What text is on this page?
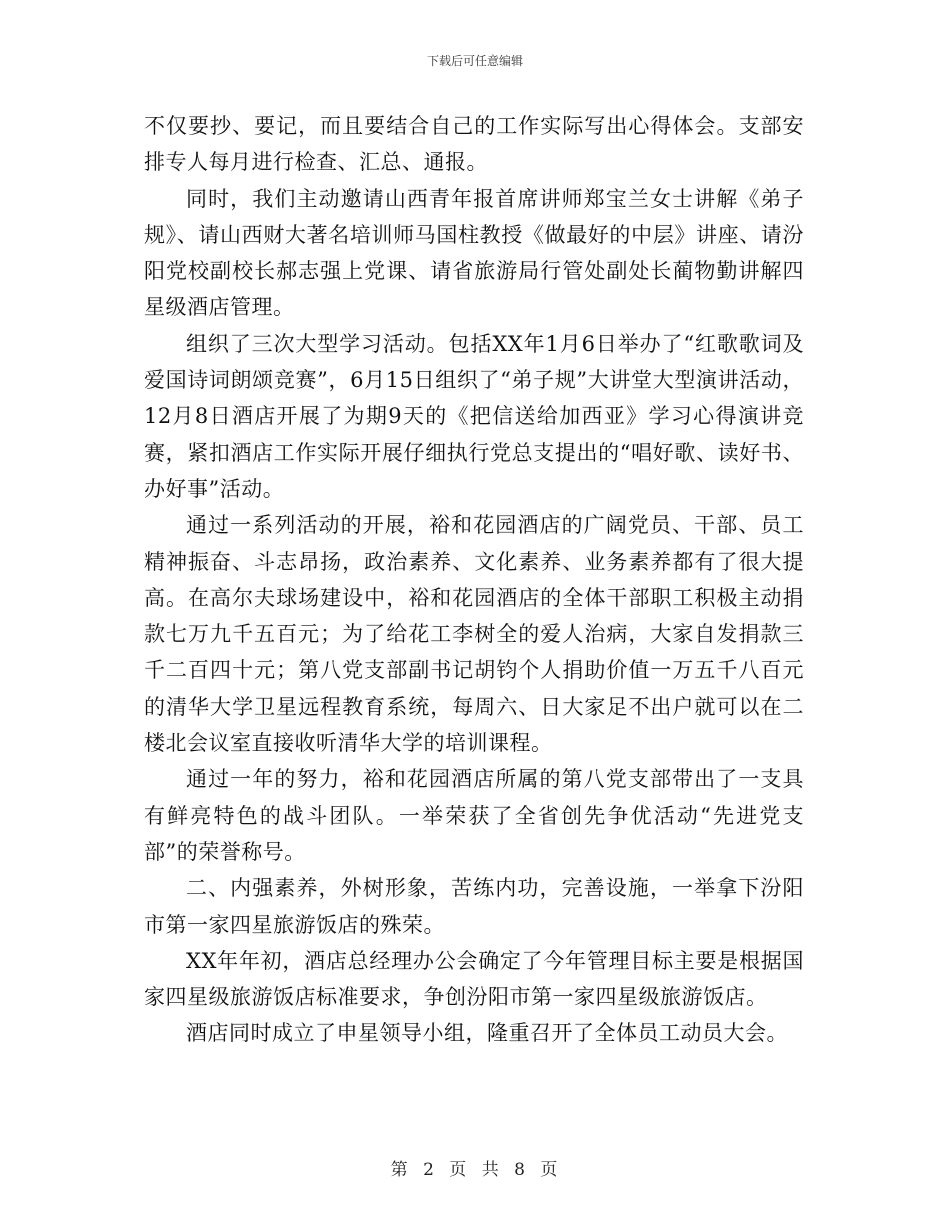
下载后可任意编辑

不仅要抄、要记，而且要结合自己的工作实际写出心得体会。支部安排专人每月进行检查、汇总、通报。

同时，我们主动邀请山西青年报首席讲师郑宝兰女士讲解《弟子规》、请山西财大著名培训师马国柱教授《做最好的中层》讲座、请汾阳党校副校长郝志强上党课、请省旅游局行管处副处长蔺物勤讲解四星级酒店管理。

组织了三次大型学习活动。包括XX年1月6日举办了“红歌歌词及爱国诗词朗颂竞赛”，6月15日组织了“弟子规”大讲堂大型演讲活动，12月8日酒店开展了为期9天的《把信送给加西亚》学习心得演讲竞赛，紧扣酒店工作实际开展仔细执行党总支提出的“唱好歌、读好书、办好事”活动。

通过一系列活动的开展，裕和花园酒店的广阔党员、干部、员工精神振奋、斗志昂扬，政治素养、文化素养、业务素养都有了很大提高。在高尔夫球场建设中，裕和花园酒店的全体干部职工积极主动捐款七万九千五百元；为了给花工李树全的爱人治病，大家自发捐款三千二百四十元；第八党支部副书记胡钧个人捐助价值一万五千八百元的清华大学卫星远程教育系统，每周六、日大家足不出户就可以在二楼北会议室直接收听清华大学的培训课程。

通过一年的努力，裕和花园酒店所属的第八党支部带出了一支具有鲜亮特色的战斗团队。一举荣获了全省创先争优活动“先进党支部”的荣誉称号。

二、内强素养，外树形象，苦练内功，完善设施，一举拿下汾阳市第一家四星旅游饭店的殊荣。

XX年年初，酒店总经理办公会确定了今年管理目标主要是根据国家四星级旅游饭店标准要求，争创汾阳市第一家四星级旅游饭店。

酒店同时成立了申星领导小组，隆重召开了全体员工动员大会。

第 2 页 共 8 页
